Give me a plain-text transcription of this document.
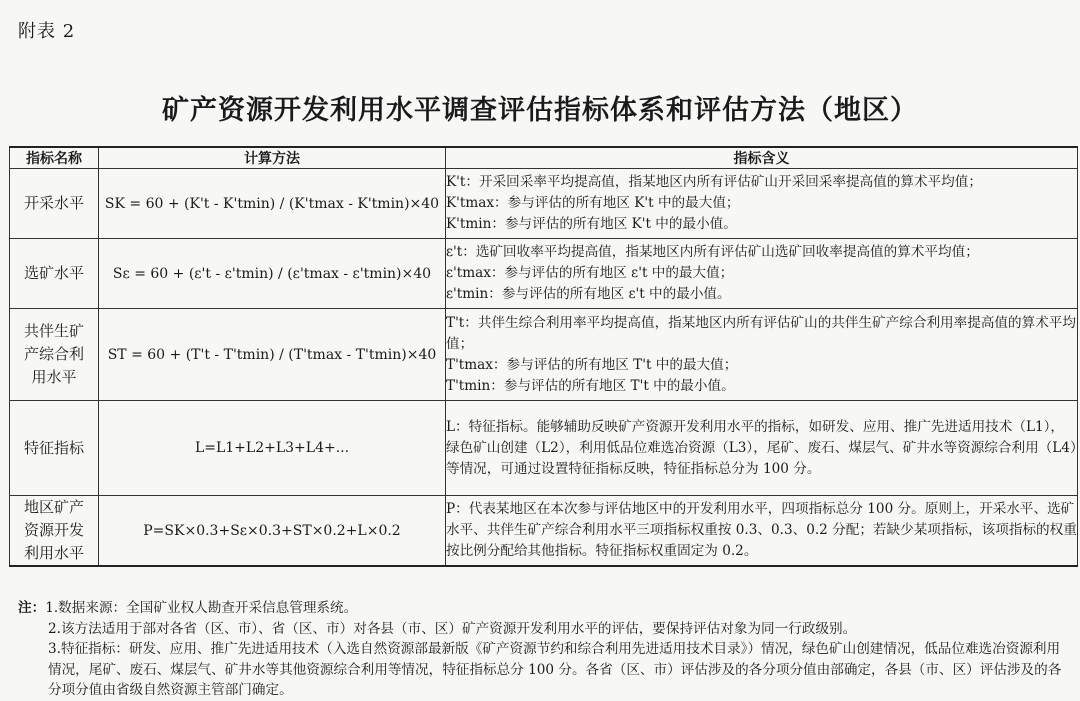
附表 2
矿产资源开发利用水平调查评估指标体系和评估方法（地区）
指标名称	计算方法	指标含义
开采水平	SK = 60 + (K't - K'tmin) / (K'tmax - K'tmin)×40	K't：开采回采率平均提高值，指某地区内所有评估矿山开采回采率提高值的算术平均值；
K'tmax：参与评估的所有地区 K't 中的最大值；
K'tmin：参与评估的所有地区 K't 中的最小值。

选矿水平	Sε = 60 + (ε't - ε'tmin) / (ε'tmax - ε'tmin)×40	ε't：选矿回收率平均提高值，指某地区内所有评估矿山选矿回收率提高值的算术平均值；
ε'tmax：参与评估的所有地区 ε't 中的最大值；
ε'tmin：参与评估的所有地区 ε't 中的最小值。

共伴生矿产综合利用水平	ST = 60 + (T't - T'tmin) / (T'tmax - T'tmin)×40	T't：共伴生综合利用率平均提高值，指某地区内所有评估矿山的共伴生矿产综合利用率提高值的算术平均值；
T'tmax：参与评估的所有地区 T't 中的最大值；
T'tmin：参与评估的所有地区 T't 中的最小值。

特征指标	L=L1+L2+L3+L4+...	L：特征指标。能够辅助反映矿产资源开发利用水平的指标，如研发、应用、推广先进适用技术（L1），绿色矿山创建（L2），利用低品位难选冶资源（L3），尾矿、废石、煤层气、矿井水等资源综合利用（L4）等情况，可通过设置特征指标反映，特征指标总分为 100 分。

地区矿产资源开发利用水平	P=SK×0.3+Sε×0.3+ST×0.2+L×0.2	P：代表某地区在本次参与评估地区中的开发利用水平，四项指标总分 100 分。原则上，开采水平、选矿水平、共伴生矿产综合利用水平三项指标权重按 0.3、0.3、0.2 分配；若缺少某项指标，该项指标的权重按比例分配给其他指标。特征指标权重固定为 0.2。
注：1.数据来源：全国矿业权人勘查开采信息管理系统。
2.该方法适用于部对各省（区、市）、省（区、市）对各县（市、区）矿产资源开发利用水平的评估，要保持评估对象为同一行政级别。
3.特征指标：研发、应用、推广先进适用技术（入选自然资源部最新版《矿产资源节约和综合利用先进适用技术目录》）情况，绿色矿山创建情况，低品位难选冶资源利用情况，尾矿、废石、煤层气、矿井水等其他资源综合利用等情况，特征指标总分 100 分。各省（区、市）评估涉及的各分项分值由部确定，各县（市、区）评估涉及的各分项分值由省级自然资源主管部门确定。
